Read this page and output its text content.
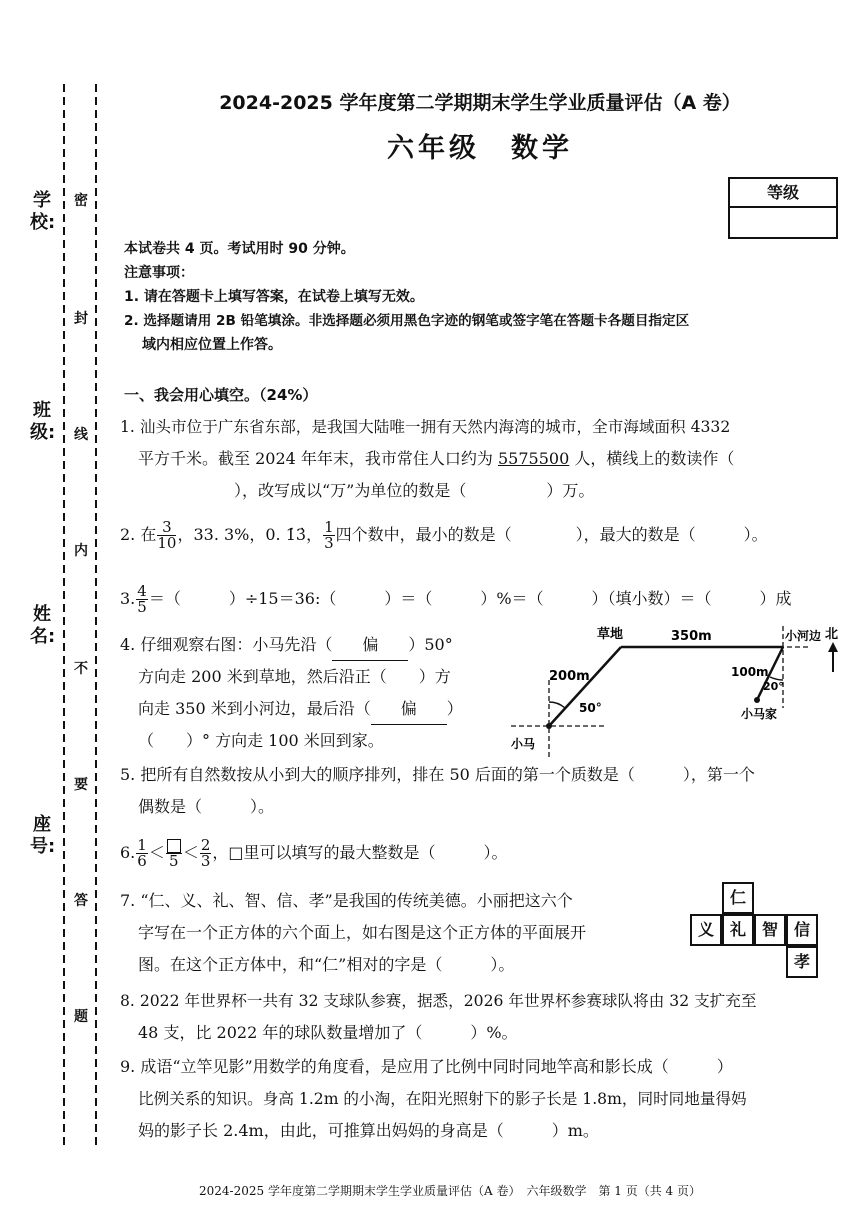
学校:
班级:
姓名:
座号:
密
封
线
内
不
要
答
题
2024-2025 学年度第二学期期末学生学业质量评估（A 卷）
六年级　数学
等级
本试卷共 4 页。考试用时 90 分钟。
注意事项：
1. 请在答题卡上填写答案，在试卷上填写无效。
2. 选择题请用 2B 铅笔填涂。非选择题必须用黑色字迹的钢笔或签字笔在答题卡各题目指定区
域内相应位置上作答。
一、我会用心填空。（24%）
1. 汕头市位于广东省东部，是我国大陆唯一拥有天然内海湾的城市，全市海域面积 4332
平方千米。截至 2024 年年末，我市常住人口约为 5575500 人，横线上的数读作（
　　　　　　），改写成以“万”为单位的数是（　　　　　）万。
2. 在 $\frac{3}{10}$ ，33. 3%，0. 1̇3̇， $\frac{1}{3}$ 四个数中，最小的数是（　　　　），最大的数是（　　　）。
3. $\frac{4}{5}$ ＝（　　　）÷15＝36:（　　　）＝（　　　）%＝（　　　）（填小数）＝（　　　）成
4. 仔细观察右图：小马先沿（ 偏 ）50°
方向走 200 米到草地，然后沿正（　　）方
向走 350 米到小河边，最后沿（ 偏 ）
（　　）° 方向走 100 米回到家。
草地	350m	小河边 北
200m	100m
20°
50°	小马家
小马
5. 把所有自然数按从小到大的顺序排列，排在 50 后面的第一个质数是（　　　），第一个
偶数是（　　　）。
6. $\frac{1}{6} < 5 < \frac{2}{3}$ ，□里可以填写的最大整数是（　　　）。
7. “仁、义、礼、智、信、孝”是我国的传统美德。小丽把这六个
字写在一个正方体的六个面上，如右图是这个正方体的平面展开
图。在这个正方体中，和“仁”相对的字是（　　　）。
仁
义 礼 智 信
孝
8. 2022 年世界杯一共有 32 支球队参赛，据悉，2026 年世界杯参赛球队将由 32 支扩充至
48 支，比 2022 年的球队数量增加了（　　　）%。
9. 成语“立竿见影”用数学的角度看，是应用了比例中同时同地竿高和影长成（　　　）
比例关系的知识。身高 1.2m 的小淘，在阳光照射下的影子长是 1.8m，同时同地量得妈
妈的影子长 2.4m，由此，可推算出妈妈的身高是（　　　）m。
2024-2025 学年度第二学期期末学生学业质量评估（A 卷）　六年级数学　第 1 页（共 4 页）
